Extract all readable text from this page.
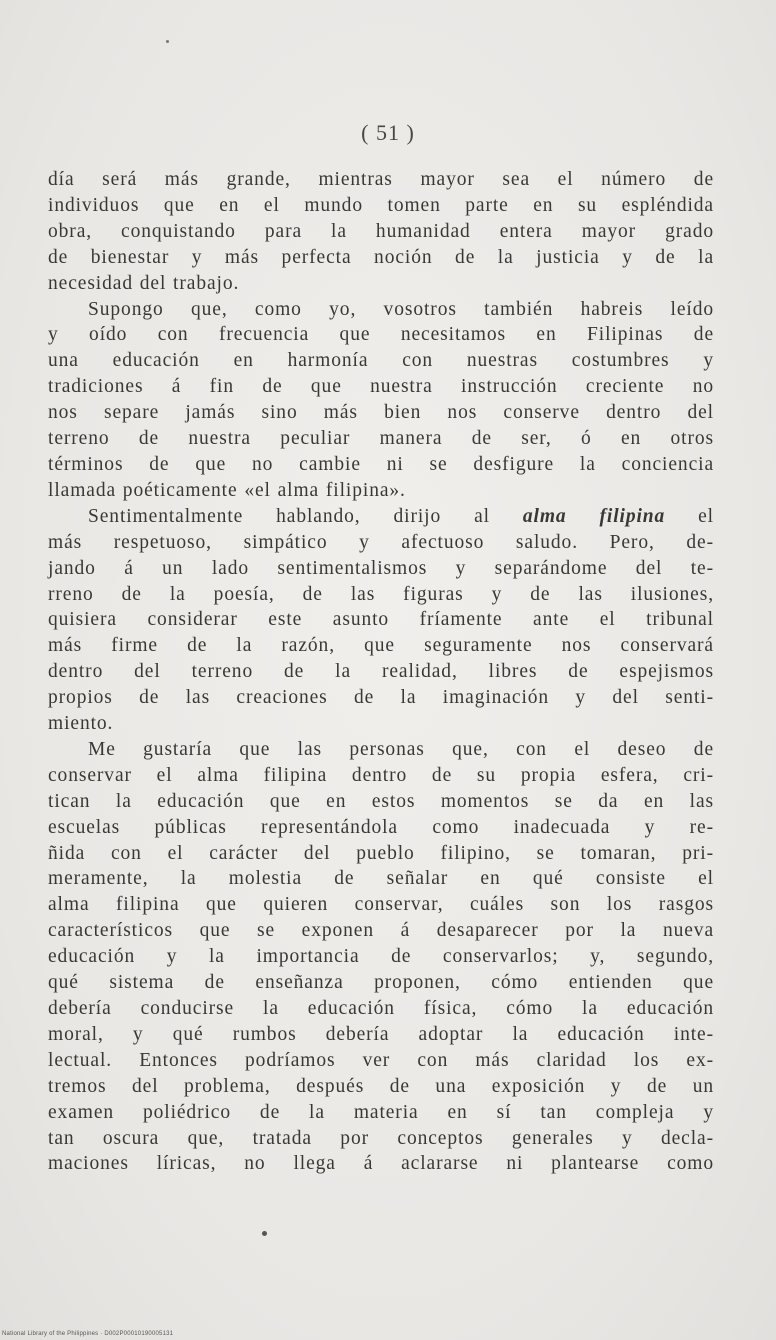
( 51 )

día será más grande, mientras mayor sea el número de
individuos que en el mundo tomen parte en su espléndida
obra, conquistando para la humanidad entera mayor grado
de bienestar y más perfecta noción de la justicia y de la
necesidad del trabajo.

Supongo que, como yo, vosotros también habreis leído
y oído con frecuencia que necesitamos en Filipinas de
una educación en harmonía con nuestras costumbres y
tradiciones á fin de que nuestra instrucción creciente no
nos separe jamás sino más bien nos conserve dentro del
terreno de nuestra peculiar manera de ser, ó en otros
términos de que no cambie ni se desfigure la conciencia
llamada poéticamente «el alma filipina».

Sentimentalmente hablando, dirijo al alma filipina el
más respetuoso, simpático y afectuoso saludo. Pero, de-
jando á un lado sentimentalismos y separándome del te-
rreno de la poesía, de las figuras y de las ilusiones,
quisiera considerar este asunto fríamente ante el tribunal
más firme de la razón, que seguramente nos conservará
dentro del terreno de la realidad, libres de espejismos
propios de las creaciones de la imaginación y del senti-
miento.

Me gustaría que las personas que, con el deseo de
conservar el alma filipina dentro de su propia esfera, cri-
tican la educación que en estos momentos se da en las
escuelas públicas representándola como inadecuada y re-
ñida con el carácter del pueblo filipino, se tomaran, pri-
meramente, la molestia de señalar en qué consiste el
alma filipina que quieren conservar, cuáles son los rasgos
característicos que se exponen á desaparecer por la nueva
educación y la importancia de conservarlos; y, segundo,
qué sistema de enseñanza proponen, cómo entienden que
debería conducirse la educación física, cómo la educación
moral, y qué rumbos debería adoptar la educación inte-
lectual. Entonces podríamos ver con más claridad los ex-
tremos del problema, después de una exposición y de un
examen poliédrico de la materia en sí tan compleja y
tan oscura que, tratada por conceptos generales y decla-
maciones líricas, no llega á aclararse ni plantearse como

National Library of the Philippines · D002P00010190005131
